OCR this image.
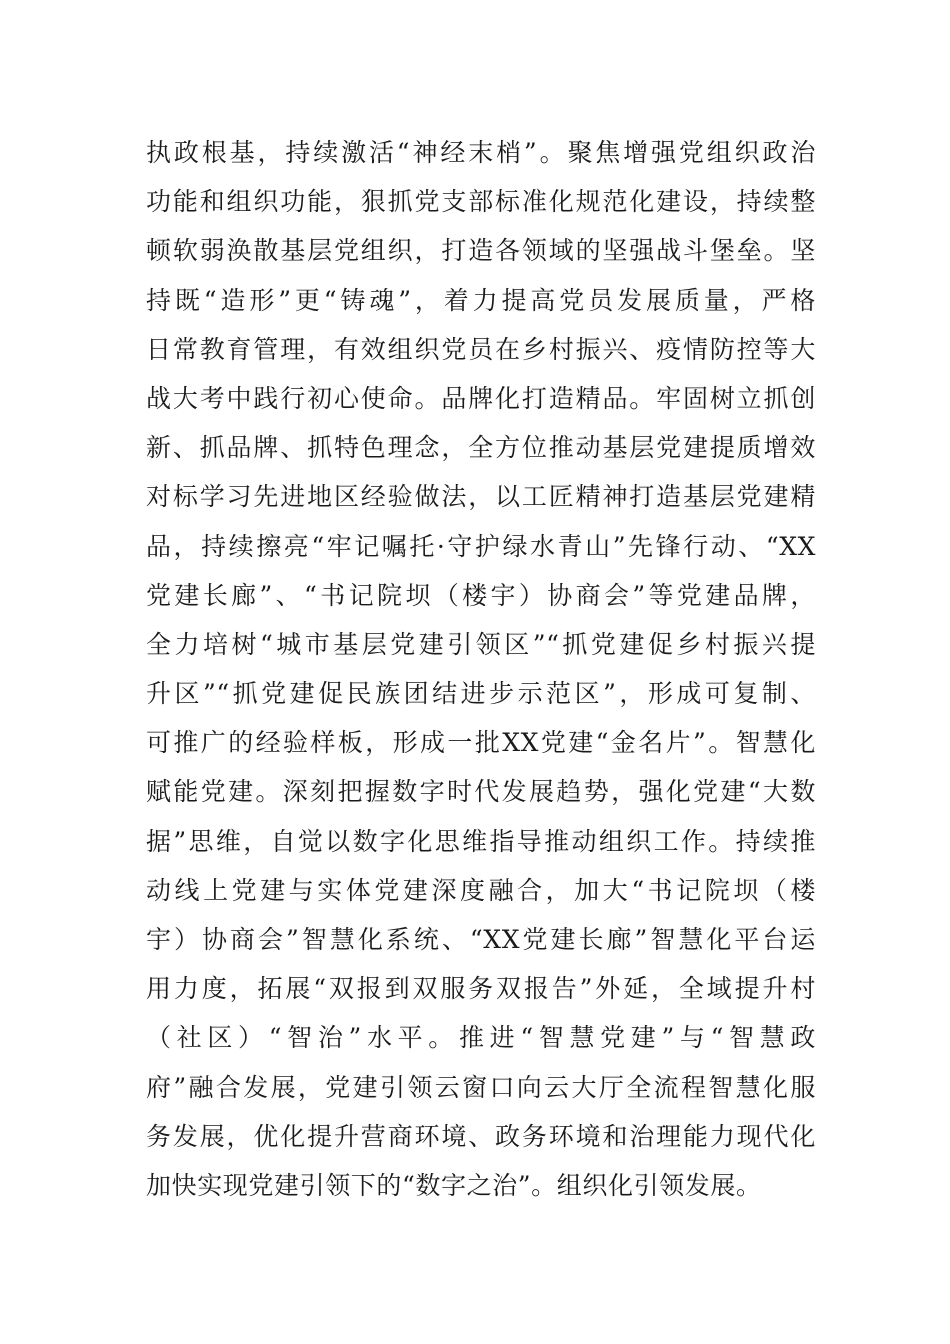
执政根基，持续激活“神经末梢”。聚焦增强党组织政治
功能和组织功能，狠抓党支部标准化规范化建设，持续整
顿软弱涣散基层党组织，打造各领域的坚强战斗堡垒。坚
持既“造形”更“铸魂”，着力提高党员发展质量，严格
日常教育管理，有效组织党员在乡村振兴、疫情防控等大
战大考中践行初心使命。品牌化打造精品。牢固树立抓创
新、抓品牌、抓特色理念，全方位推动基层党建提质增效
对标学习先进地区经验做法，以工匠精神打造基层党建精
品，持续擦亮“牢记嘱托·守护绿水青山”先锋行动、“XX
党建长廊”、“书记院坝（楼宇）协商会”等党建品牌，
全力培树“城市基层党建引领区”“抓党建促乡村振兴提
升区”“抓党建促民族团结进步示范区”，形成可复制、
可推广的经验样板，形成一批XX党建“金名片”。智慧化
赋能党建。深刻把握数字时代发展趋势，强化党建“大数
据”思维，自觉以数字化思维指导推动组织工作。持续推
动线上党建与实体党建深度融合，加大“书记院坝（楼
宇）协商会”智慧化系统、“XX党建长廊”智慧化平台运
用力度，拓展“双报到双服务双报告”外延，全域提升村
（社区）“智治”水平。推进“智慧党建”与“智慧政
府”融合发展，党建引领云窗口向云大厅全流程智慧化服
务发展，优化提升营商环境、政务环境和治理能力现代化
加快实现党建引领下的“数字之治”。组织化引领发展。
